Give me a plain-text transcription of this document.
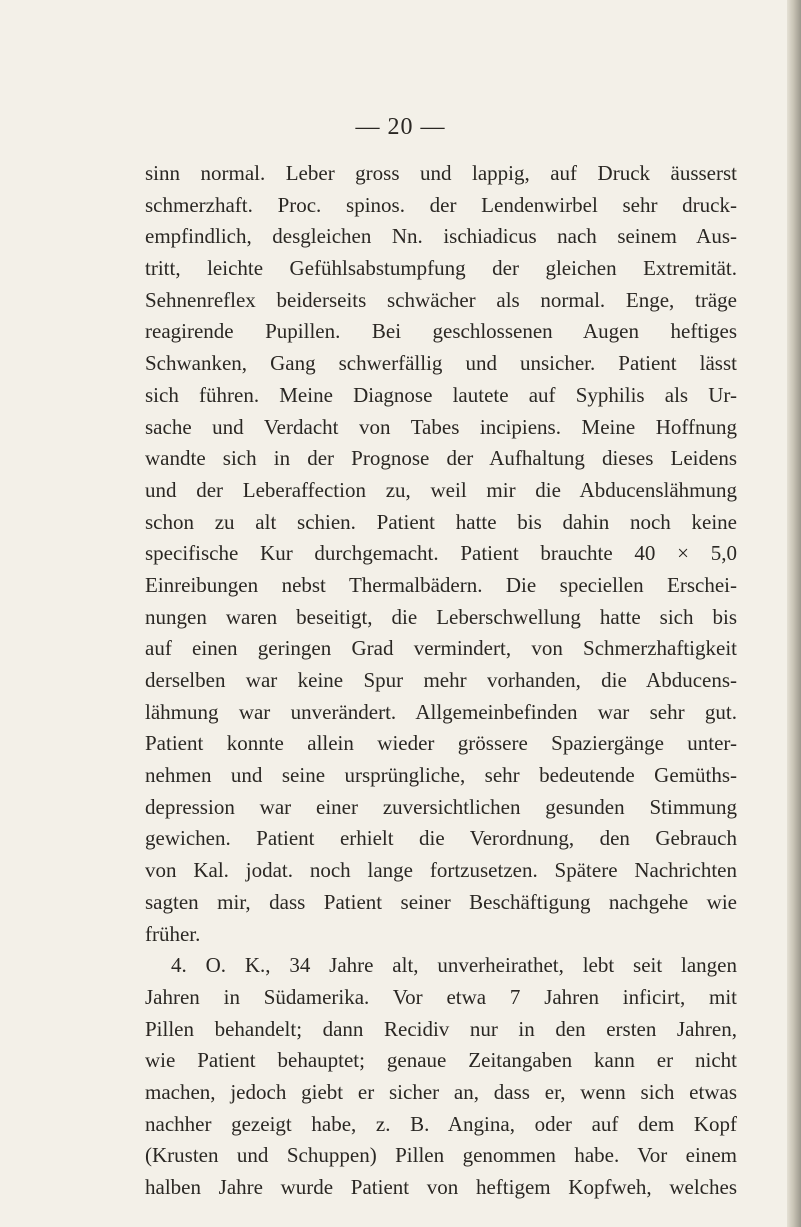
— 20 —
sinn normal. Leber gross und lappig, auf Druck äusserst
schmerzhaft. Proc. spinos. der Lendenwirbel sehr druck-
empfindlich, desgleichen Nn. ischiadicus nach seinem Aus-
tritt, leichte Gefühlsabstumpfung der gleichen Extremität.
Sehnenreflex beiderseits schwächer als normal. Enge, träge
reagirende Pupillen. Bei geschlossenen Augen heftiges
Schwanken, Gang schwerfällig und unsicher. Patient lässt
sich führen. Meine Diagnose lautete auf Syphilis als Ur-
sache und Verdacht von Tabes incipiens. Meine Hoffnung
wandte sich in der Prognose der Aufhaltung dieses Leidens
und der Leberaffection zu, weil mir die Abducenslähmung
schon zu alt schien. Patient hatte bis dahin noch keine
specifische Kur durchgemacht. Patient brauchte 40 × 5,0
Einreibungen nebst Thermalbädern. Die speciellen Erschei-
nungen waren beseitigt, die Leberschwellung hatte sich bis
auf einen geringen Grad vermindert, von Schmerzhaftigkeit
derselben war keine Spur mehr vorhanden, die Abducens-
lähmung war unverändert. Allgemeinbefinden war sehr gut.
Patient konnte allein wieder grössere Spaziergänge unter-
nehmen und seine ursprüngliche, sehr bedeutende Gemüths-
depression war einer zuversichtlichen gesunden Stimmung
gewichen. Patient erhielt die Verordnung, den Gebrauch
von Kal. jodat. noch lange fortzusetzen. Spätere Nachrichten
sagten mir, dass Patient seiner Beschäftigung nachgehe wie
früher.
4. O. K., 34 Jahre alt, unverheirathet, lebt seit langen
Jahren in Südamerika. Vor etwa 7 Jahren inficirt, mit
Pillen behandelt; dann Recidiv nur in den ersten Jahren,
wie Patient behauptet; genaue Zeitangaben kann er nicht
machen, jedoch giebt er sicher an, dass er, wenn sich etwas
nachher gezeigt habe, z. B. Angina, oder auf dem Kopf
(Krusten und Schuppen) Pillen genommen habe. Vor einem
halben Jahre wurde Patient von heftigem Kopfweh, welches
